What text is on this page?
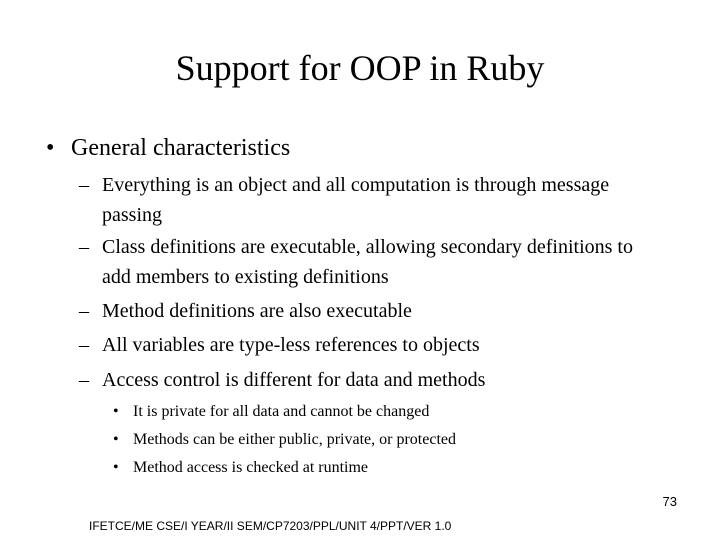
Support for OOP in Ruby
• General characteristics
– Everything is an object and all computation is through message passing
– Class definitions are executable, allowing secondary definitions to add members to existing definitions
– Method definitions are also executable
– All variables are type-less references to objects
– Access control is different for data and methods
• It is private for all data and cannot be changed
• Methods can be either public, private, or protected
• Method access is checked at runtime
73
IFETCE/ME CSE/I YEAR/II SEM/CP7203/PPL/UNIT 4/PPT/VER 1.0
